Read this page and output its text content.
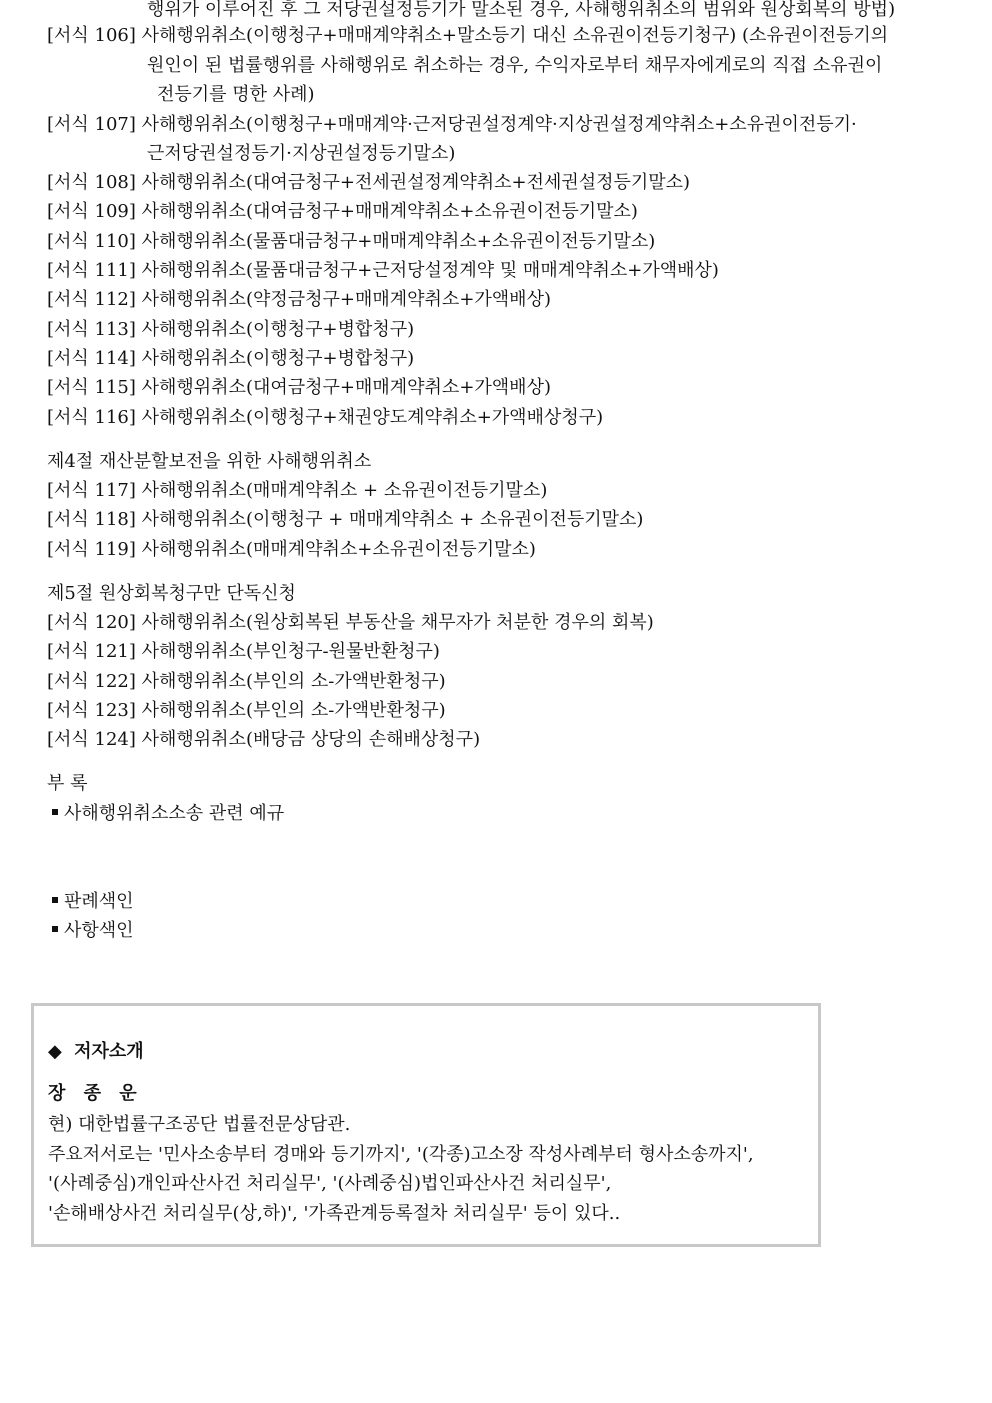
행위가 이루어진 후 그 저당권설정등기가 말소된 경우, 사해행위취소의 범위와 원상회복의 방법)
[서식 106] 사해행위취소(이행청구+매매계약취소+말소등기 대신 소유권이전등기청구) (소유권이전등기의
원인이 된 법률행위를 사해행위로 취소하는 경우, 수익자로부터 채무자에게로의 직접 소유권이
전등기를 명한 사례)
[서식 107] 사해행위취소(이행청구+매매계약·근저당권설정계약·지상권설정계약취소+소유권이전등기·
근저당권설정등기·지상권설정등기말소)
[서식 108] 사해행위취소(대여금청구+전세권설정계약취소+전세권설정등기말소)
[서식 109] 사해행위취소(대여금청구+매매계약취소+소유권이전등기말소)
[서식 110] 사해행위취소(물품대금청구+매매계약취소+소유권이전등기말소)
[서식 111] 사해행위취소(물품대금청구+근저당설정계약 및 매매계약취소+가액배상)
[서식 112] 사해행위취소(약정금청구+매매계약취소+가액배상)
[서식 113] 사해행위취소(이행청구+병합청구)
[서식 114] 사해행위취소(이행청구+병합청구)
[서식 115] 사해행위취소(대여금청구+매매계약취소+가액배상)
[서식 116] 사해행위취소(이행청구+채권양도계약취소+가액배상청구)
제4절 재산분할보전을 위한 사해행위취소
[서식 117] 사해행위취소(매매계약취소 + 소유권이전등기말소)
[서식 118] 사해행위취소(이행청구 + 매매계약취소 + 소유권이전등기말소)
[서식 119] 사해행위취소(매매계약취소+소유권이전등기말소)
제5절 원상회복청구만 단독신청
[서식 120] 사해행위취소(원상회복된 부동산을 채무자가 처분한 경우의 회복)
[서식 121] 사해행위취소(부인청구-원물반환청구)
[서식 122] 사해행위취소(부인의 소-가액반환청구)
[서식 123] 사해행위취소(부인의 소-가액반환청구)
[서식 124] 사해행위취소(배당금 상당의 손해배상청구)
부 록
사해행위취소소송 관련 예규
판례색인
사항색인
◆ 저자소개
장 종 운
현) 대한법률구조공단 법률전문상담관.
주요저서로는 '민사소송부터 경매와 등기까지', '(각종)고소장 작성사례부터 형사소송까지',
'(사례중심)개인파산사건 처리실무', '(사례중심)법인파산사건 처리실무',
'손해배상사건 처리실무(상,하)', '가족관계등록절차 처리실무' 등이 있다..
